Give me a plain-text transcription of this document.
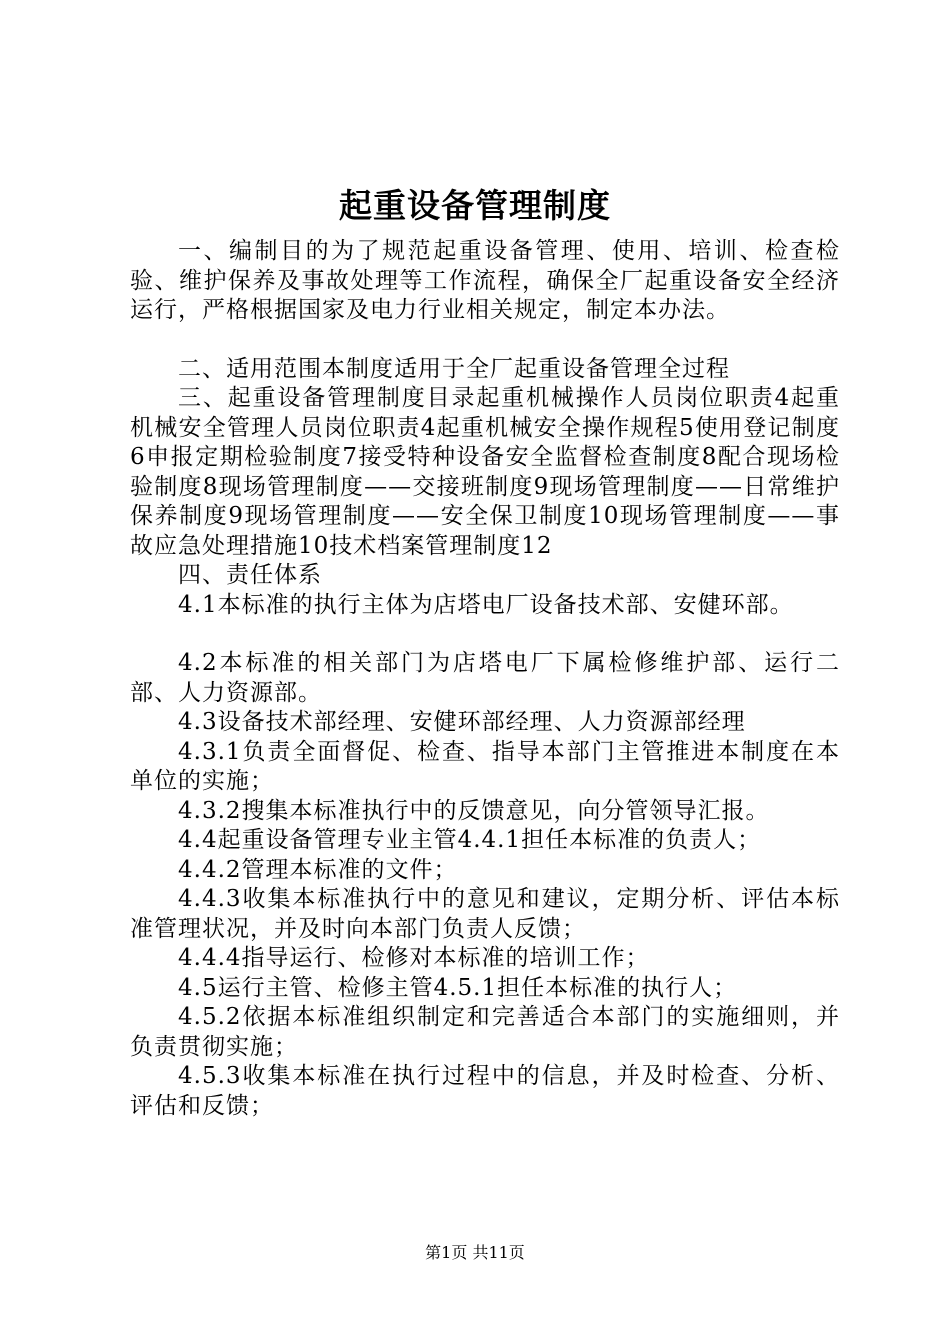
起重设备管理制度

一、编制目的为了规范起重设备管理、使用、培训、检查检验、维护保养及事故处理等工作流程，确保全厂起重设备安全经济运行，严格根据国家及电力行业相关规定，制定本办法。

二、适用范围本制度适用于全厂起重设备管理全过程

三、起重设备管理制度目录起重机械操作人员岗位职责4起重机械安全管理人员岗位职责4起重机械安全操作规程5使用登记制度6申报定期检验制度7接受特种设备安全监督检查制度8配合现场检验制度8现场管理制度——交接班制度9现场管理制度——日常维护保养制度9现场管理制度——安全保卫制度10现场管理制度——事故应急处理措施10技术档案管理制度12

四、责任体系

4.1本标准的执行主体为店塔电厂设备技术部、安健环部。

4.2本标准的相关部门为店塔电厂下属检修维护部、运行二部、人力资源部。

4.3设备技术部经理、安健环部经理、人力资源部经理

4.3.1负责全面督促、检查、指导本部门主管推进本制度在本单位的实施；

4.3.2搜集本标准执行中的反馈意见，向分管领导汇报。

4.4起重设备管理专业主管4.4.1担任本标准的负责人；

4.4.2管理本标准的文件；

4.4.3收集本标准执行中的意见和建议，定期分析、评估本标准管理状况，并及时向本部门负责人反馈；

4.4.4指导运行、检修对本标准的培训工作；

4.5运行主管、检修主管4.5.1担任本标准的执行人；

4.5.2依据本标准组织制定和完善适合本部门的实施细则，并负责贯彻实施；

4.5.3收集本标准在执行过程中的信息，并及时检查、分析、评估和反馈；

第1页 共11页
